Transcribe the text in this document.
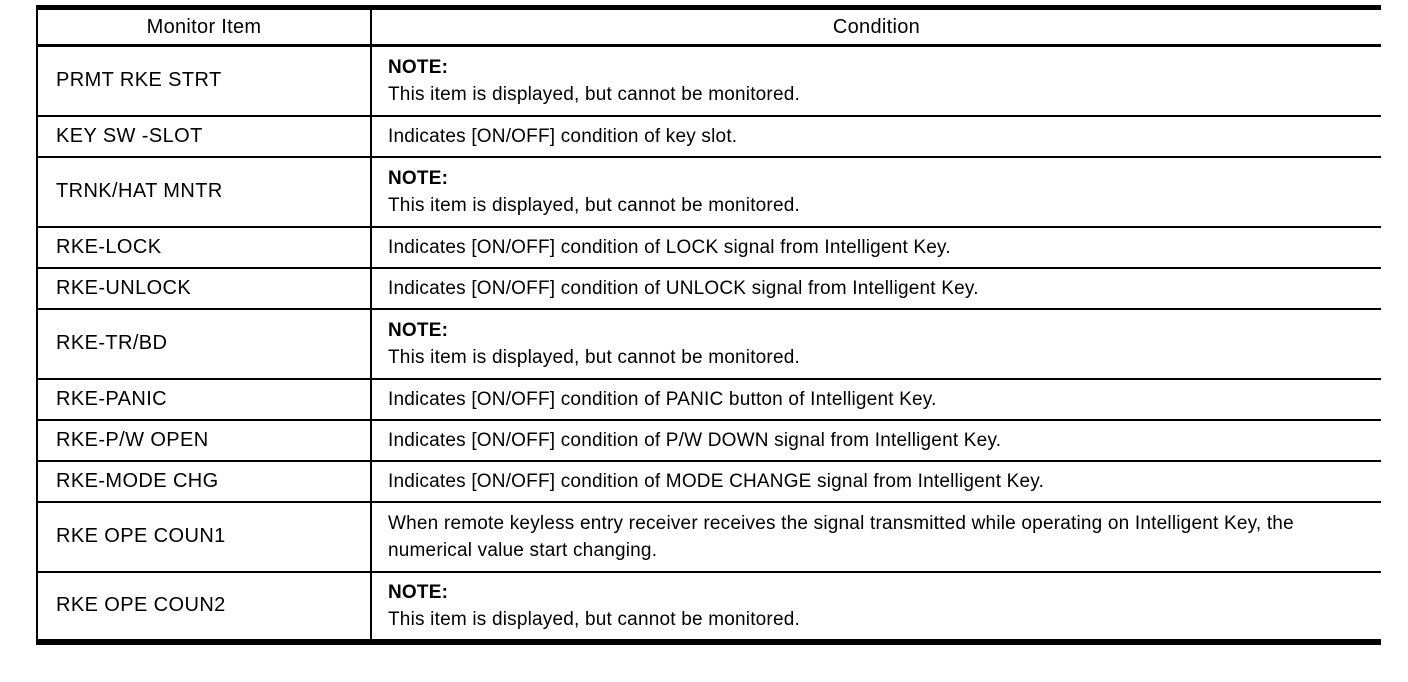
Monitor Item	Condition
PRMT RKE STRT	NOTE:
This item is displayed, but cannot be monitored.

KEY SW -SLOT	Indicates [ON/OFF] condition of key slot.
TRNK/HAT MNTR	NOTE:
This item is displayed, but cannot be monitored.

RKE-LOCK	Indicates [ON/OFF] condition of LOCK signal from Intelligent Key.
RKE-UNLOCK	Indicates [ON/OFF] condition of UNLOCK signal from Intelligent Key.
RKE-TR/BD	NOTE:
This item is displayed, but cannot be monitored.

RKE-PANIC	Indicates [ON/OFF] condition of PANIC button of Intelligent Key.
RKE-P/W OPEN	Indicates [ON/OFF] condition of P/W DOWN signal from Intelligent Key.
RKE-MODE CHG	Indicates [ON/OFF] condition of MODE CHANGE signal from Intelligent Key.
RKE OPE COUN1	When remote keyless entry receiver receives the signal transmitted while operating on Intelligent Key, the numerical value start changing.
RKE OPE COUN2	NOTE:
This item is displayed, but cannot be monitored.
